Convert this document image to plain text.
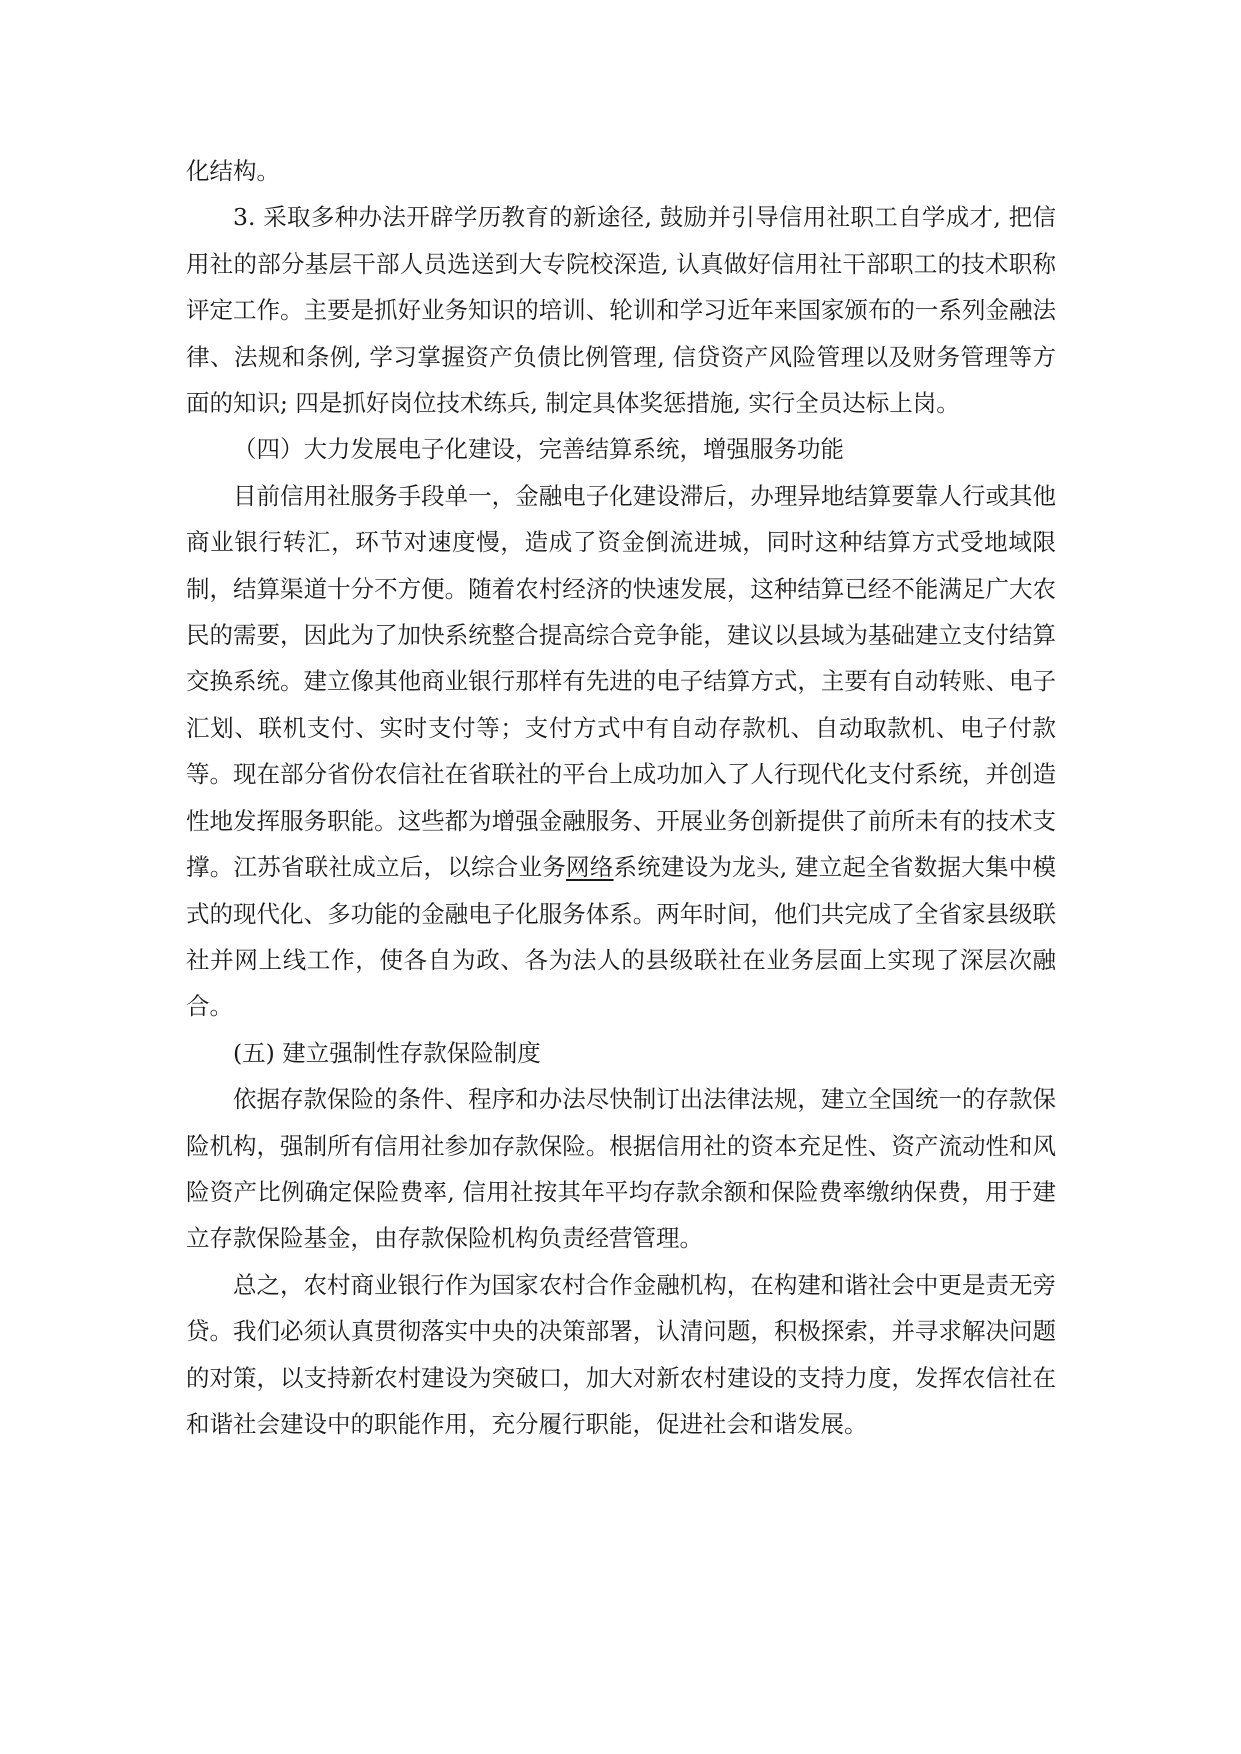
化结构。

3. 采取多种办法开辟学历教育的新途径, 鼓励并引导信用社职工自学成才, 把信用社的部分基层干部人员选送到大专院校深造, 认真做好信用社干部职工的技术职称评定工作。主要是抓好业务知识的培训、轮训和学习近年来国家颁布的一系列金融法律、法规和条例, 学习掌握资产负债比例管理, 信贷资产风险管理以及财务管理等方面的知识; 四是抓好岗位技术练兵, 制定具体奖惩措施, 实行全员达标上岗。

（四）大力发展电子化建设，完善结算系统，增强服务功能

目前信用社服务手段单一，金融电子化建设滞后，办理异地结算要靠人行或其他商业银行转汇，环节对速度慢，造成了资金倒流进城，同时这种结算方式受地域限制，结算渠道十分不方便。随着农村经济的快速发展，这种结算已经不能满足广大农民的需要，因此为了加快系统整合提高综合竞争能，建议以县域为基础建立支付结算交换系统。建立像其他商业银行那样有先进的电子结算方式，主要有自动转账、电子汇划、联机支付、实时支付等；支付方式中有自动存款机、自动取款机、电子付款等。现在部分省份农信社在省联社的平台上成功加入了人行现代化支付系统，并创造性地发挥服务职能。这些都为增强金融服务、开展业务创新提供了前所未有的技术支撑。江苏省联社成立后，以综合业务网络系统建设为龙头, 建立起全省数据大集中模式的现代化、多功能的金融电子化服务体系。两年时间，他们共完成了全省家县级联社并网上线工作，使各自为政、各为法人的县级联社在业务层面上实现了深层次融合。

(五) 建立强制性存款保险制度

依据存款保险的条件、程序和办法尽快制订出法律法规，建立全国统一的存款保险机构，强制所有信用社参加存款保险。根据信用社的资本充足性、资产流动性和风险资产比例确定保险费率, 信用社按其年平均存款余额和保险费率缴纳保费，用于建立存款保险基金，由存款保险机构负责经营管理。

总之，农村商业银行作为国家农村合作金融机构，在构建和谐社会中更是责无旁贷。我们必须认真贯彻落实中央的决策部署，认清问题，积极探索，并寻求解决问题的对策，以支持新农村建设为突破口，加大对新农村建设的支持力度，发挥农信社在和谐社会建设中的职能作用，充分履行职能，促进社会和谐发展。
